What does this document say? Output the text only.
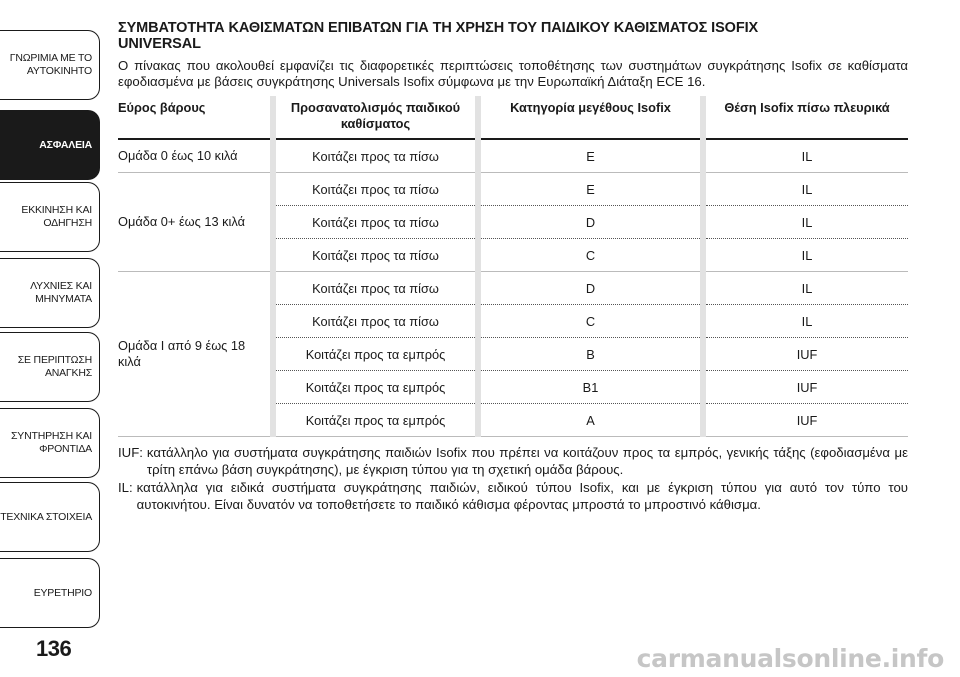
ΓΝΩΡΙΜΙΑ ΜΕ ΤΟ ΑΥΤΟΚΙΝΗΤΟ
ΑΣΦΑΛΕΙΑ
ΕΚΚΙΝΗΣΗ ΚΑΙ ΟΔΗΓΗΣΗ
ΛΥΧΝΙΕΣ ΚΑΙ ΜΗΝΥΜΑΤΑ
ΣΕ ΠΕΡΙΠΤΩΣΗ ΑΝΑΓΚΗΣ
ΣΥΝΤΗΡΗΣΗ ΚΑΙ ΦΡΟΝΤΙΔΑ
ΤΕΧΝΙΚΑ ΣΤΟΙΧΕΙΑ
ΕΥΡΕΤΗΡΙΟ
136
ΣΥΜΒΑΤΟΤΗΤΑ ΚΑΘΙΣΜΑΤΩΝ ΕΠΙΒΑΤΩΝ ΓΙΑ ΤΗ ΧΡΗΣΗ ΤΟΥ ΠΑΙΔΙΚΟΥ ΚΑΘΙΣΜΑΤΟΣ ISOFIX UNIVERSAL

Ο πίνακας που ακολουθεί εμφανίζει τις διαφορετικές περιπτώσεις τοποθέτησης των συστημάτων συγκράτησης Isofix σε καθίσματα εφοδιασμένα με βάσεις συγκράτησης Universals Isofix σύμφωνα με την Ευρωπαϊκή Διάταξη ECE 16.

Εύρος βάρους	Προσανατολισμός παιδικού καθίσματος	Κατηγορία μεγέθους Isofix	Θέση Isofix πίσω πλευρικά
Ομάδα 0 έως 10 κιλά	Κοιτάζει προς τα πίσω	E	IL
Ομάδα 0+ έως 13 κιλά	Κοιτάζει προς τα πίσω	E	IL
	Κοιτάζει προς τα πίσω	D	IL
	Κοιτάζει προς τα πίσω	C	IL
Ομάδα I από 9 έως 18 κιλά	Κοιτάζει προς τα πίσω	D	IL
	Κοιτάζει προς τα πίσω	C	IL
	Κοιτάζει προς τα εμπρός	B	IUF
	Κοιτάζει προς τα εμπρός	B1	IUF
	Κοιτάζει προς τα εμπρός	A	IUF
IUF: κατάλληλο για συστήματα συγκράτησης παιδιών Isofix που πρέπει να κοιτάζουν προς τα εμπρός, γενικής τάξης (εφοδιασμένα με τρίτη επάνω βάση συγκράτησης), με έγκριση τύπου για τη σχετική ομάδα βάρους.
IL: κατάλληλα για ειδικά συστήματα συγκράτησης παιδιών, ειδικού τύπου Isofix, και με έγκριση τύπου για αυτό τον τύπο του αυτοκινήτου. Είναι δυνατόν να τοποθετήσετε το παιδικό κάθισμα φέροντας μπροστά το μπροστινό κάθισμα.
carmanualsonline.info
